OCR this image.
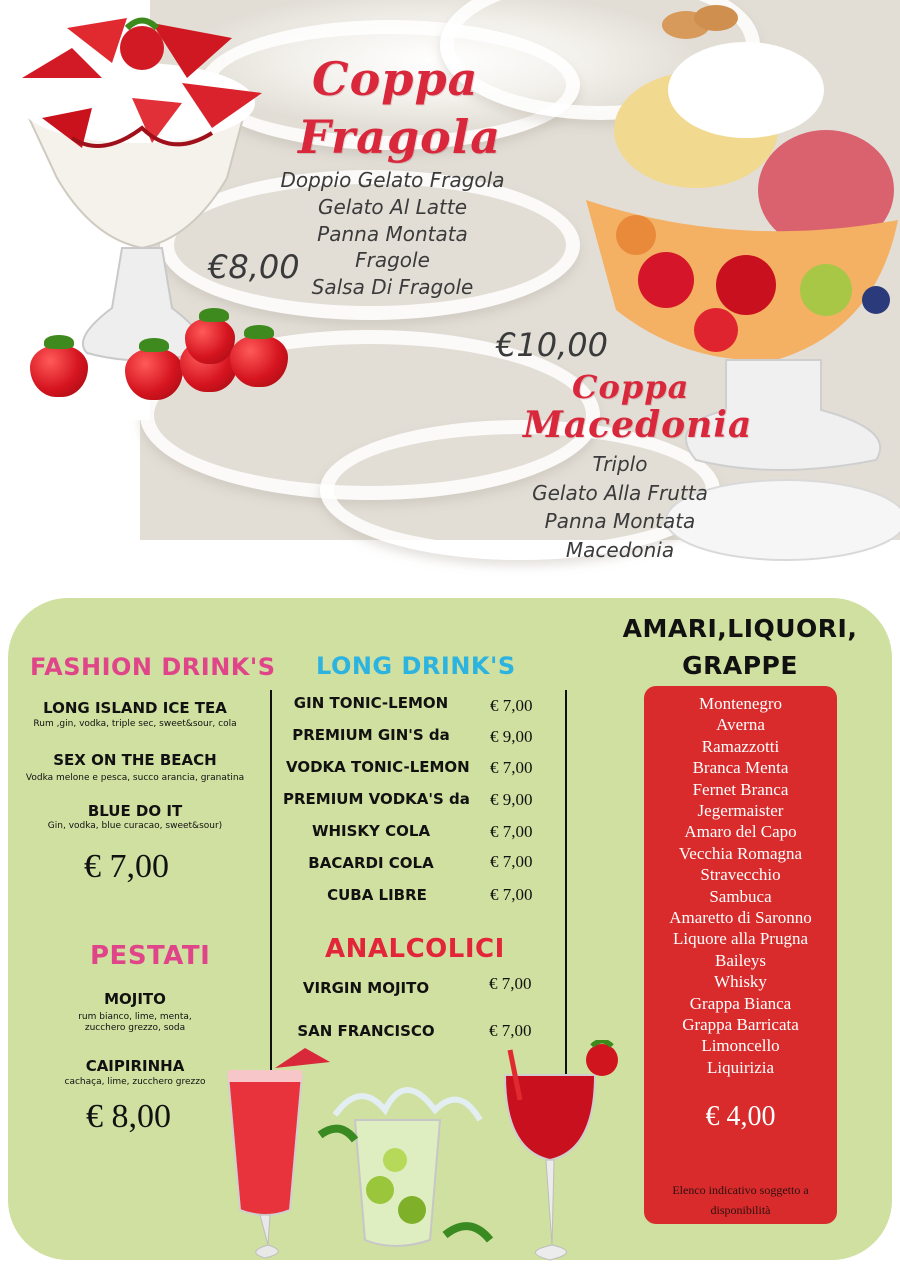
Coppa
Fragola
Doppio Gelato Fragola
Gelato Al Latte
Panna Montata
Fragole
Salsa Di Fragole
€8,00
€10,00
Coppa
Macedonia
Triplo
Gelato Alla Frutta
Panna Montata
Macedonia
FASHION DRINK'S
LONG ISLAND ICE TEA
Rum ,gin, vodka, triple sec, sweet&sour, cola
SEX ON THE BEACH
Vodka melone e pesca, succo arancia, granatina
BLUE DO IT
Gin, vodka, blue curacao, sweet&sour)
€ 7,00
PESTATI
MOJITO
rum bianco, lime, menta,
zucchero grezzo, soda
CAIPIRINHA
cachaça, lime, zucchero grezzo
€ 8,00
LONG DRINK'S
GIN TONIC-LEMON	€ 7,00
PREMIUM GIN'S da	€ 9,00
VODKA TONIC-LEMON € 7,00
PREMIUM VODKA'S da € 9,00
WHISKY COLA	€ 7,00
BACARDI COLA	€ 7,00
CUBA LIBRE	€ 7,00
ANALCOLICI
VIRGIN MOJITO	€ 7,00
SAN FRANCISCO	€ 7,00
AMARI,LIQUORI,
GRAPPE
Montenegro
Averna
Ramazzotti
Branca Menta
Fernet Branca
Jegermaister
Amaro del Capo
Vecchia Romagna
Stravecchio
Sambuca
Amaretto di Saronno
Liquore alla Prugna
Baileys
Whisky
Grappa Bianca
Grappa Barricata
Limoncello
Liquirizia
€ 4,00
Elenco indicativo soggetto a disponibilità
